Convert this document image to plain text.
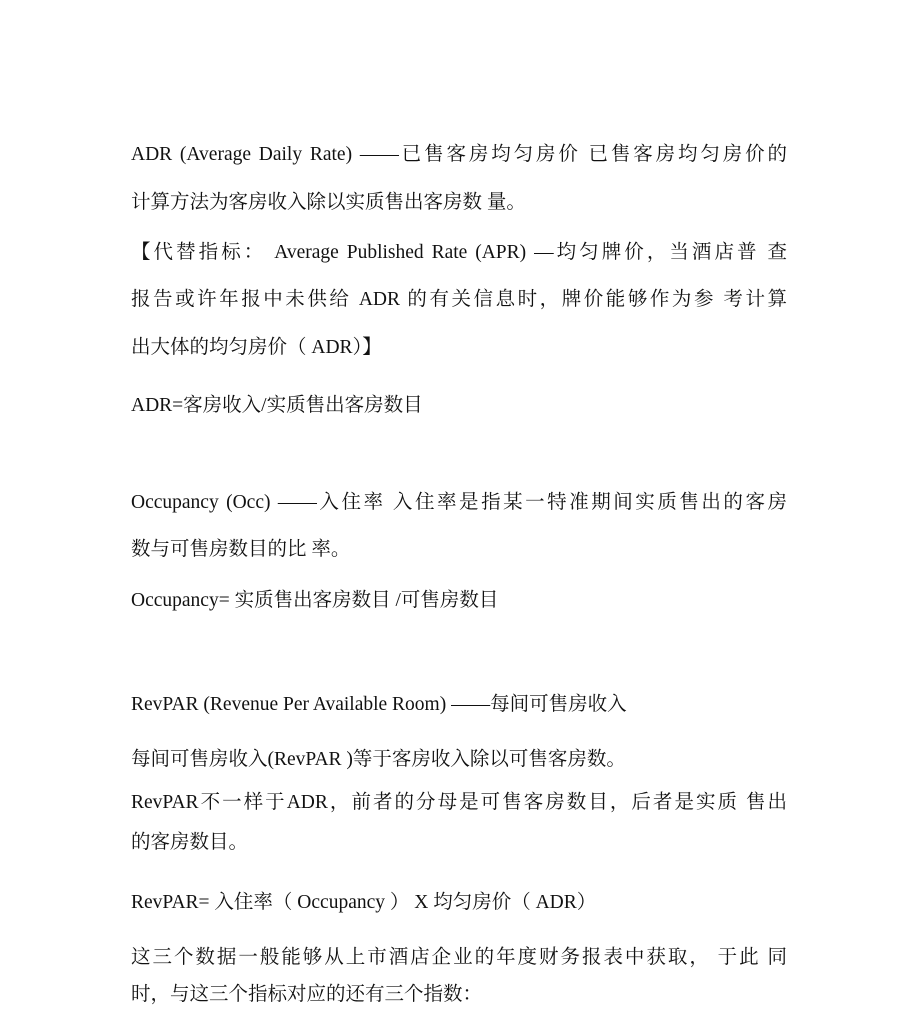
ADR (Average Daily Rate) ——已售客房均匀房价 已售客房均匀房价的

计算方法为客房收入除以实质售出客房数 量。

【代替指标： Average Published Rate (APR) —均匀牌价，当酒店普 查

报告或许年报中未供给 ADR 的有关信息时，牌价能够作为参 考计算

出大体的均匀房价（ ADR）】

ADR=客房收入/实质售出客房数目

Occupancy (Occ) ——入住率 入住率是指某一特准期间实质售出的客房

数与可售房数目的比 率。

Occupancy= 实质售出客房数目 /可售房数目

RevPAR (Revenue Per Available Room) ——每间可售房收入

每间可售房收入(RevPAR )等于客房收入除以可售客房数。

RevPAR不一样于ADR，前者的分母是可售客房数目，后者是实质 售出

的客房数目。

RevPAR= 入住率（ Occupancy ） X 均匀房价（ ADR）

这三个数据一般能够从上市酒店企业的年度财务报表中获取， 于此 同

时，与这三个指标对应的还有三个指数：
